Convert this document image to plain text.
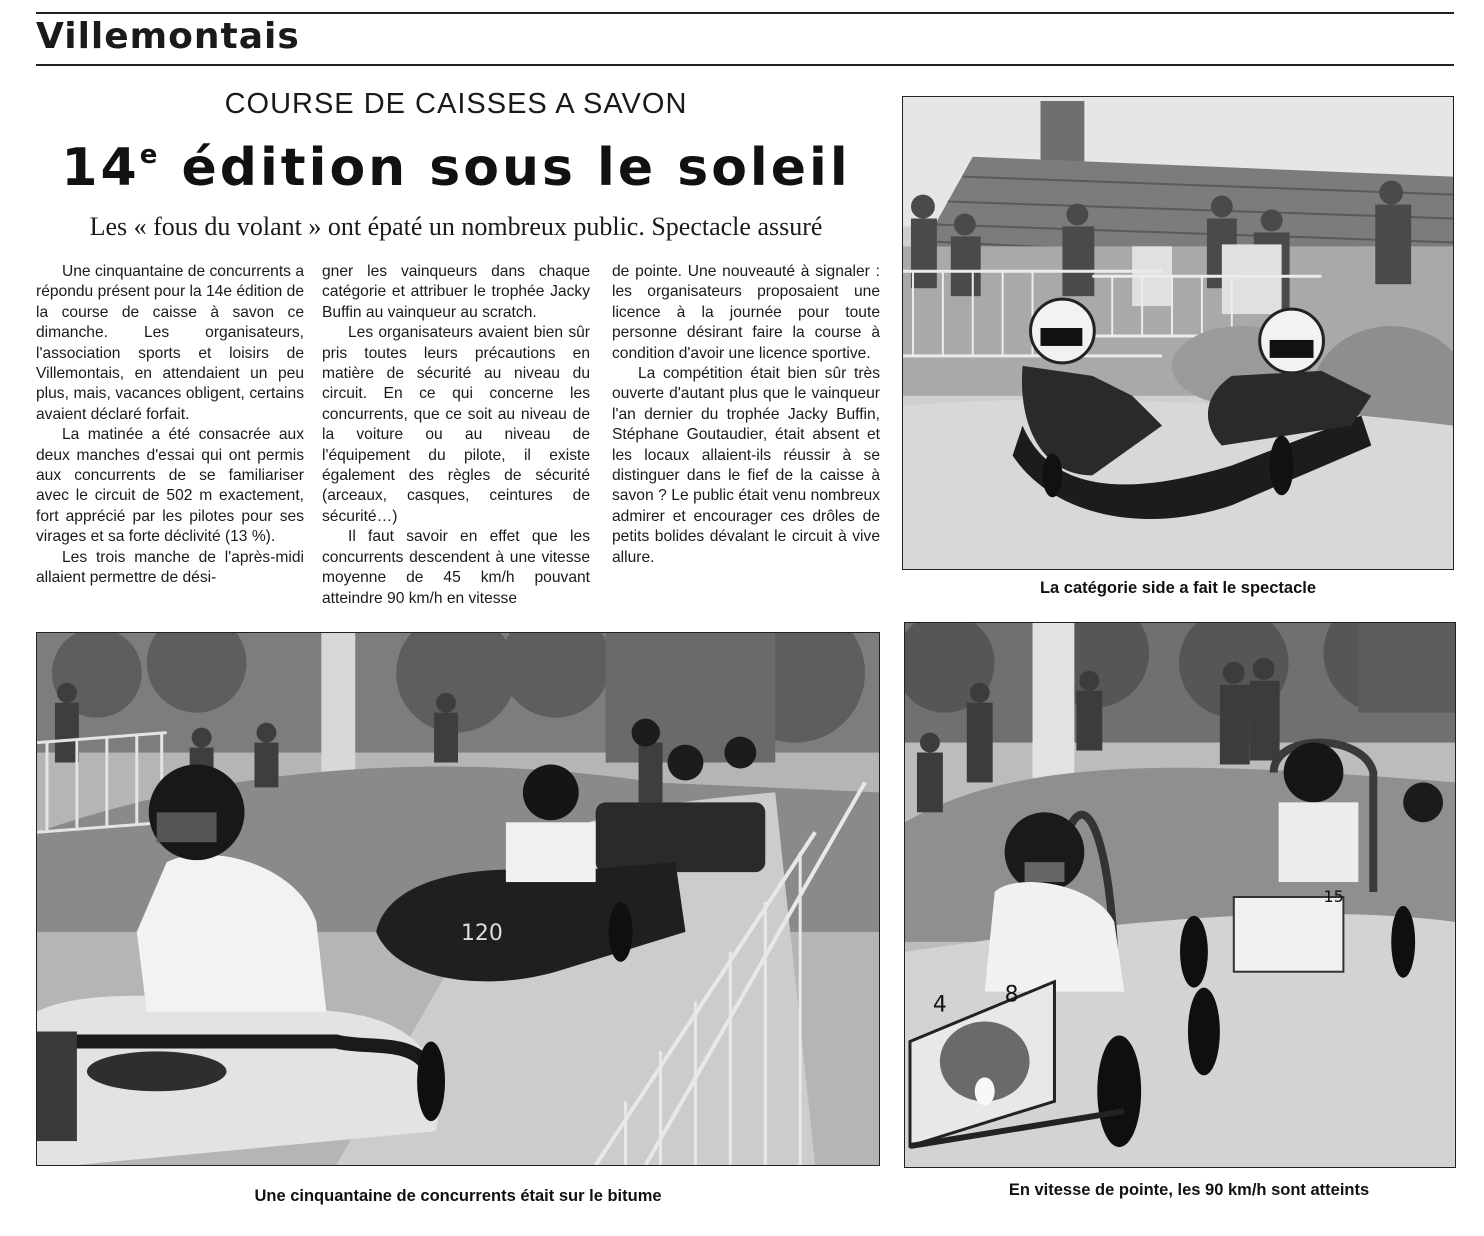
Villemontais
COURSE DE CAISSES A SAVON
14e édition sous le soleil
Les « fous du volant » ont épaté un nombreux public. Spectacle assuré

Une cinquantaine de concurrents a répondu présent pour la 14e édition de la course de caisse à savon ce dimanche. Les organisateurs, l'association sports et loisirs de Villemontais, en attendaient un peu plus, mais, vacances obligent, certains avaient déclaré forfait.

La matinée a été consacrée aux deux manches d'essai qui ont permis aux concurrents de se familiariser avec le circuit de 502 m exactement, fort apprécié par les pilotes pour ses virages et sa forte déclivité (13 %).

Les trois manche de l'après-midi allaient permettre de dési-

gner les vainqueurs dans chaque catégorie et attribuer le trophée Jacky Buffin au vainqueur au scratch.

Les organisateurs avaient bien sûr pris toutes leurs précautions en matière de sécurité au niveau du circuit. En ce qui concerne les concurrents, que ce soit au niveau de la voiture ou au niveau de l'équipement du pilote, il existe également des règles de sécurité (arceaux, casques, ceintures de sécurité…)

Il faut savoir en effet que les concurrents descendent à une vitesse moyenne de 45 km/h pouvant atteindre 90 km/h en vitesse

de pointe. Une nouveauté à signaler : les organisateurs proposaient une licence à la journée pour toute personne désirant faire la course à condition d'avoir une licence sportive.

La compétition était bien sûr très ouverte d'autant plus que le vainqueur l'an dernier du trophée Jacky Buffin, Stéphane Goutaudier, était absent et les locaux allaient-ils réussir à se distinguer dans le fief de la caisse à savon ? Le public était venu nombreux admirer et encourager ces drôles de petits bolides dévalant le circuit à vive allure.

La catégorie side a fait le spectacle
120
Une cinquantaine de concurrents était sur le bitume
15
4	8
En vitesse de pointe, les 90 km/h sont atteints
